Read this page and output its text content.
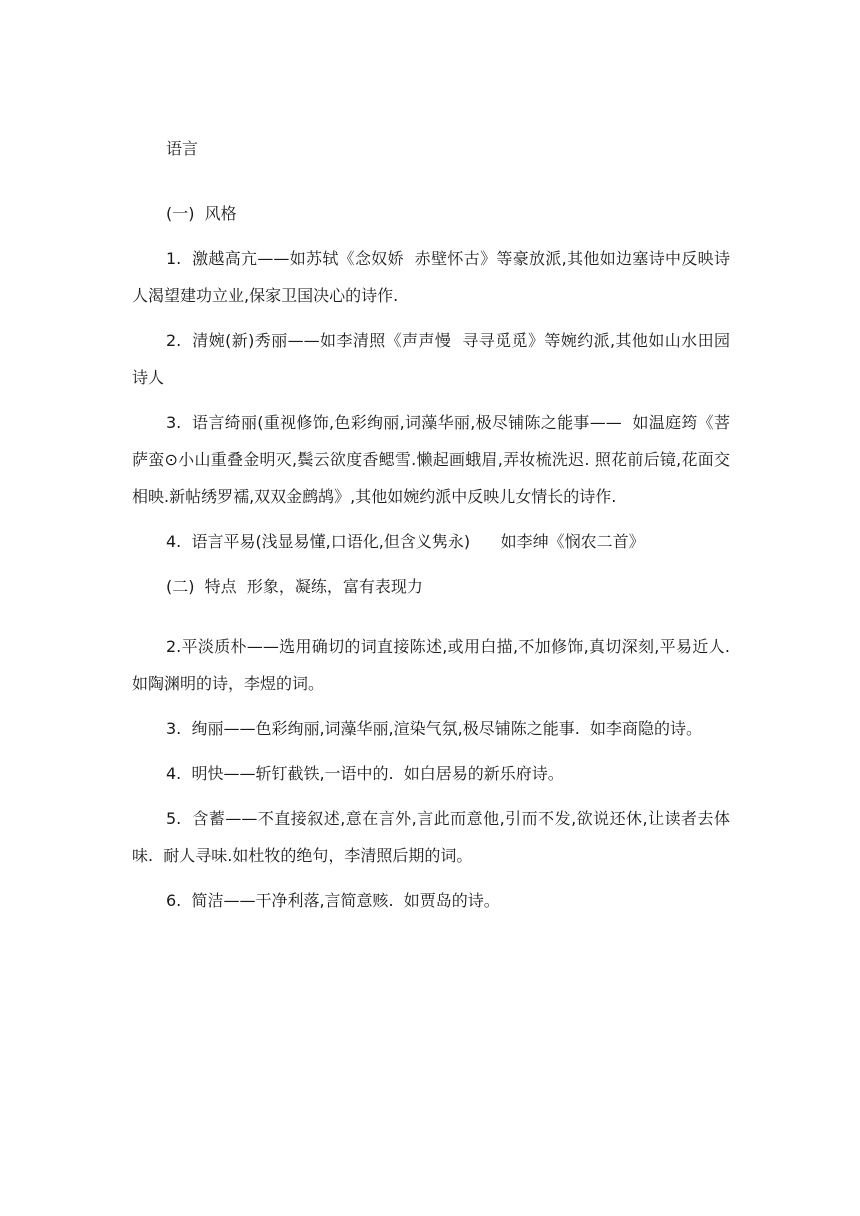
语言

(一)  风格

1.  激越高亢——如苏轼《念奴娇  赤壁怀古》等豪放派,其他如边塞诗中反映诗人渴望建功立业,保家卫国决心的诗作.

2.  清婉(新)秀丽——如李清照《声声慢  寻寻觅觅》等婉约派,其他如山水田园诗人

3.  语言绮丽(重视修饰,色彩绚丽,词藻华丽,极尽铺陈之能事——  如温庭筠《菩萨蛮⊙小山重叠金明灭,鬓云欲度香鳃雪.懒起画蛾眉,弄妆梳洗迟. 照花前后镜,花面交相映.新帖绣罗襦,双双金鹧鸪》,其他如婉约派中反映儿女情长的诗作.

4.  语言平易(浅显易懂,口语化,但含义隽永)      如李绅《悯农二首》

(二)  特点  形象，凝练，富有表现力

2.平淡质朴——选用确切的词直接陈述,或用白描,不加修饰,真切深刻,平易近人.  如陶渊明的诗，李煜的词。

3.  绚丽——色彩绚丽,词藻华丽,渲染气氛,极尽铺陈之能事.  如李商隐的诗。

4.  明快——斩钉截铁,一语中的.  如白居易的新乐府诗。

5.  含蓄——不直接叙述,意在言外,言此而意他,引而不发,欲说还休,让读者去体味.  耐人寻味.如杜牧的绝句，李清照后期的词。

6.  简洁——干净利落,言简意赅.  如贾岛的诗。
